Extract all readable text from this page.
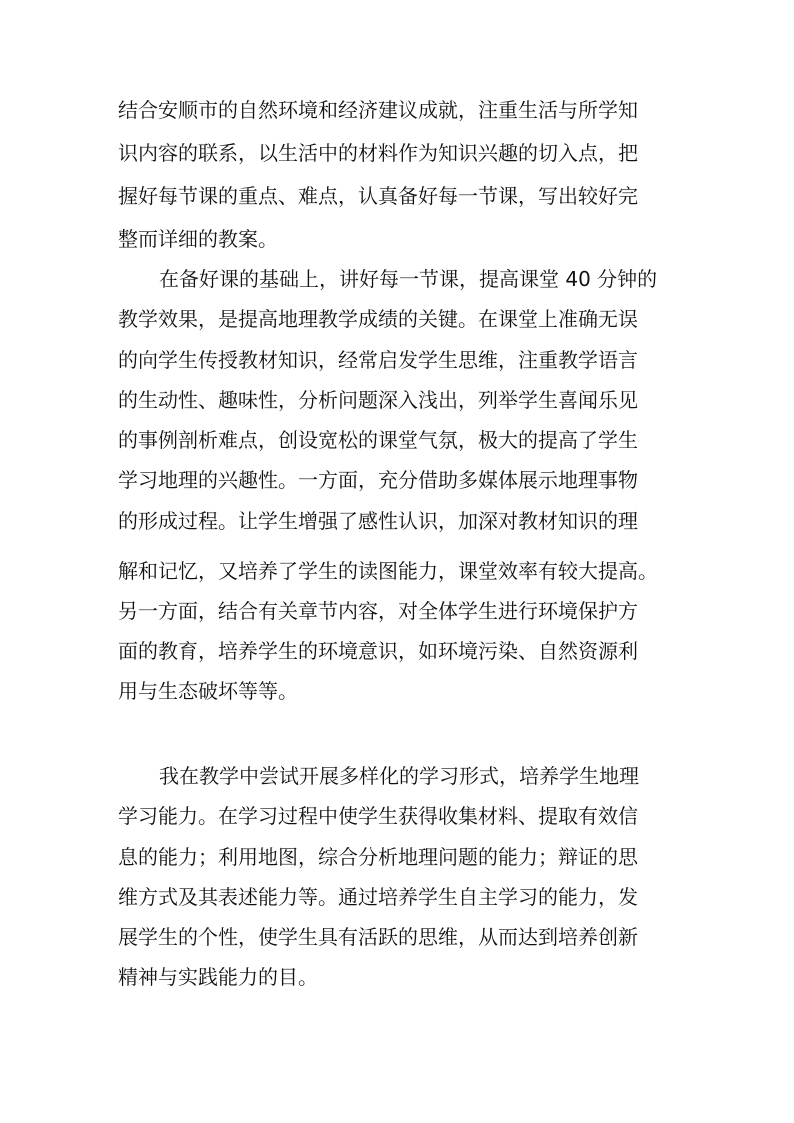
结合安顺市的自然环境和经济建议成就，注重生活与所学知
识内容的联系，以生活中的材料作为知识兴趣的切入点，把
握好每节课的重点、难点，认真备好每一节课，写出较好完
整而详细的教案。
在备好课的基础上，讲好每一节课，提高课堂 40 分钟的
教学效果，是提高地理教学成绩的关键。在课堂上准确无误
的向学生传授教材知识，经常启发学生思维，注重教学语言
的生动性、趣味性，分析问题深入浅出，列举学生喜闻乐见
的事例剖析难点，创设宽松的课堂气氛，极大的提高了学生
学习地理的兴趣性。一方面，充分借助多媒体展示地理事物
的形成过程。让学生增强了感性认识，加深对教材知识的理
解和记忆，又培养了学生的读图能力，课堂效率有较大提高。
另一方面，结合有关章节内容，对全体学生进行环境保护方
面的教育，培养学生的环境意识，如环境污染、自然资源利
用与生态破坏等等。
我在教学中尝试开展多样化的学习形式，培养学生地理
学习能力。在学习过程中使学生获得收集材料、提取有效信
息的能力；利用地图，综合分析地理问题的能力；辩证的思
维方式及其表述能力等。通过培养学生自主学习的能力，发
展学生的个性，使学生具有活跃的思维，从而达到培养创新
精神与实践能力的目。
